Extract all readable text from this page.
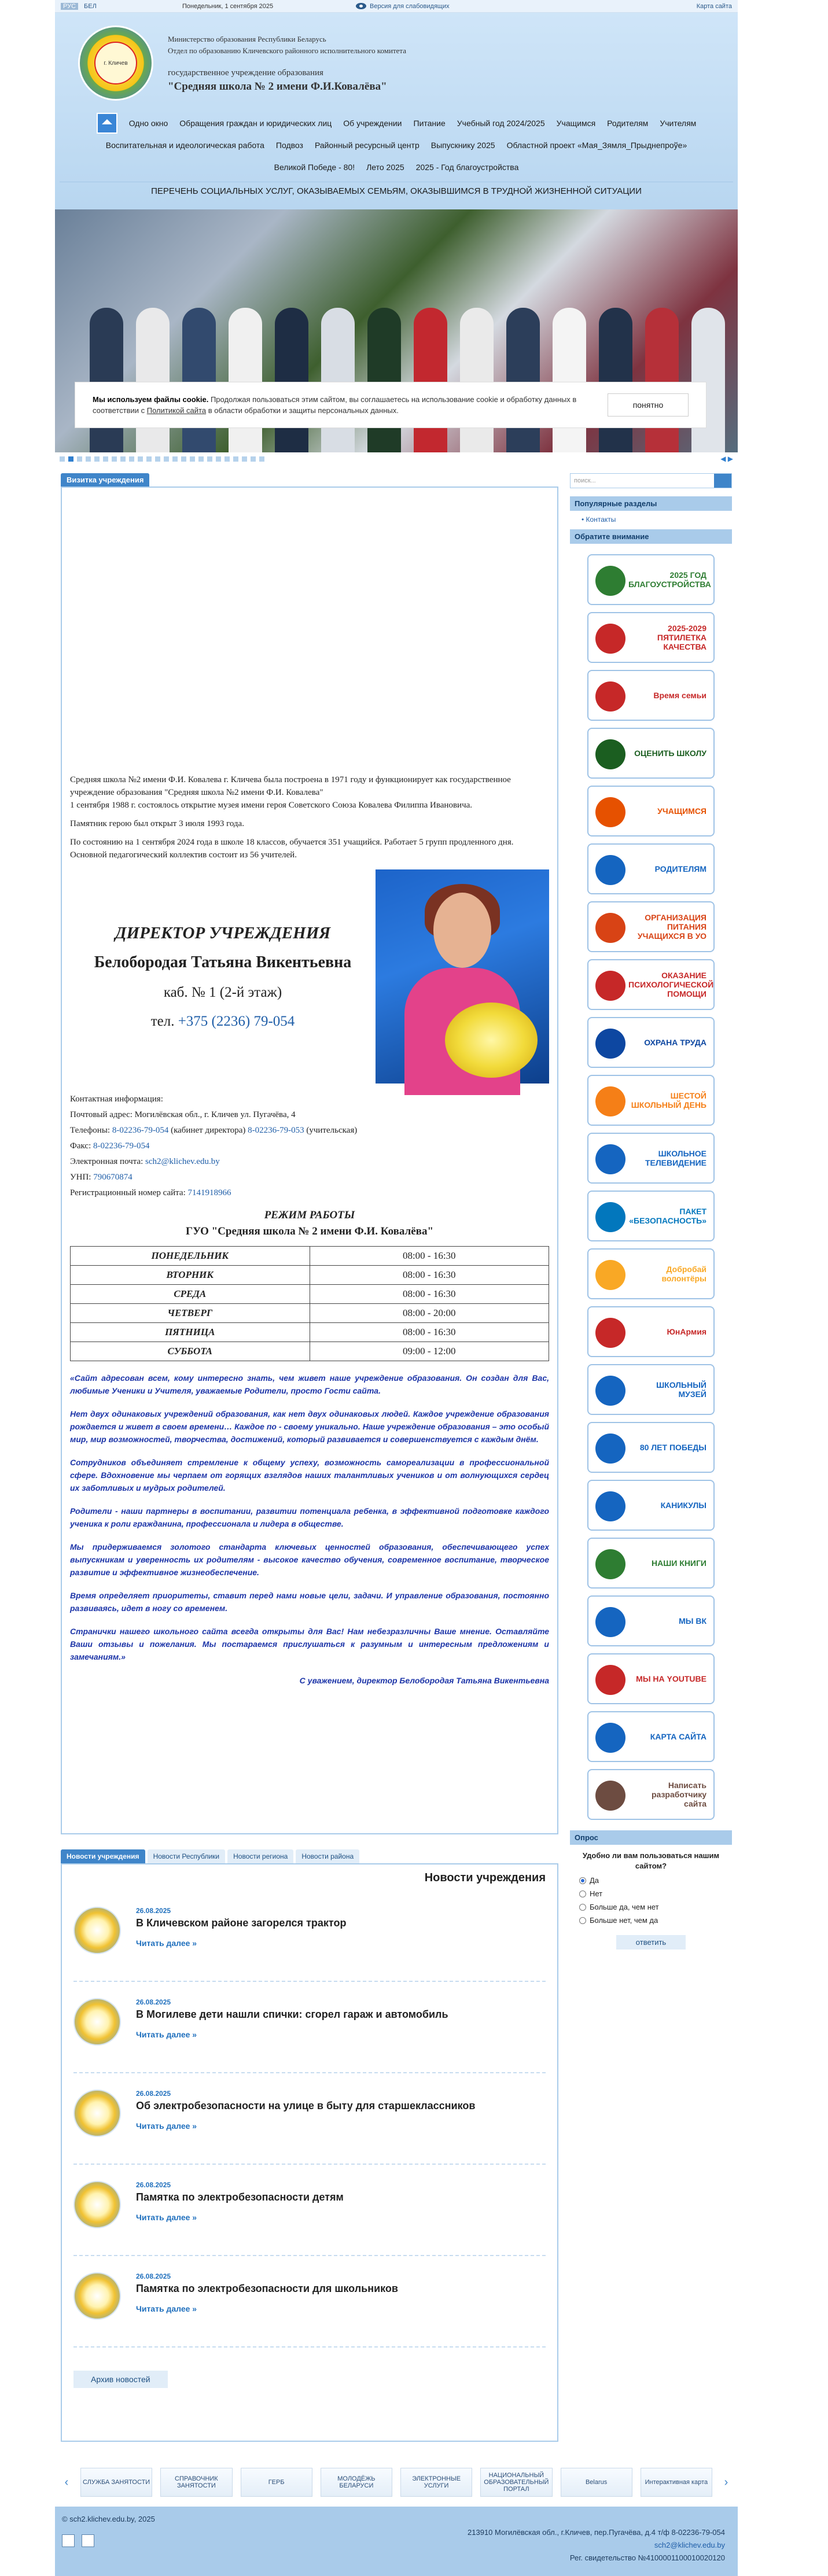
РУС	БЕЛ	Понедельник, 1 сентября 2025	Версия для слабовидящих	Карта сайта
г. Кличев
Министерство образования Республики Беларусь
Отдел по образованию Кличевского районного исполнительного комитета
государственное учреждение образования
"Средняя школа № 2 имени Ф.И.Ковалёва"
Одно окно Обращения граждан и юридических лиц Об учреждении Питание Учебный год 2024/2025 Учащимся Родителям Учителям
Воспитательная и идеологическая работа Подвоз Районный ресурсный центр Выпускнику 2025 Областной проект «Мая_Зямля_Прыднепроўе»
Великой Победе - 80! Лето 2025 2025 - Год благоустройства
ПЕРЕЧЕНЬ СОЦИАЛЬНЫХ УСЛУГ, ОКАЗЫВАЕМЫХ СЕМЬЯМ, ОКАЗЫВШИМСЯ В ТРУДНОЙ ЖИЗНЕННОЙ СИТУАЦИИ
Мы используем файлы cookie. Продолжая пользоваться этим сайтом, вы соглашаетесь на использование cookie и обработку данных в соответствии с Политикой сайта в области обработки и защиты персональных данных.
понятно
◀ ▶
Визитка учреждения
Средняя школа №2 имени Ф.И. Ковалева г. Кличева была построена в 1971 году и функционирует как государственное учреждение образования "Средняя школа №2 имени Ф.И. Ковалева"
1 сентября 1988 г. состоялось открытие музея имени героя Советского Союза Ковалева Филиппа Ивановича.
Памятник герою был открыт 3 июля 1993 года.
По состоянию на 1 сентября 2024 года в школе 18 классов, обучается 351 учащийся. Работает 5 групп продленного дня. Основной педагогический коллектив состоит из 56 учителей.
ДИРЕКТОР УЧРЕЖДЕНИЯ
Белобородая Татьяна Викентьевна
каб. № 1 (2-й этаж)
тел. +375 (2236) 79-054
Контактная информация:
Почтовый адрес: Могилёвская обл., г. Кличев ул. Пугачёва, 4
Телефоны: 8-02236-79-054 (кабинет директора) 8-02236-79-053 (учительская)
Факс: 8-02236-79-054
Электронная почта: sch2@klichev.edu.by
УНП: 790670874
Регистрационный номер сайта: 7141918966
РЕЖИМ РАБОТЫ
ГУО "Средняя школа № 2 имени Ф.И. Ковалёва"
ПОНЕДЕЛЬНИК	08:00 - 16:30
ВТОРНИК	08:00 - 16:30
СРЕДА	08:00 - 16:30
ЧЕТВЕРГ	08:00 - 20:00
ПЯТНИЦА	08:00 - 16:30
СУББОТА	09:00 - 12:00
«Сайт адресован всем, кому интересно знать, чем живет наше учреждение образования. Он создан для Вас, любимые Ученики и Учителя, уважаемые Родители, просто Гости сайта.
Нет двух одинаковых учреждений образования, как нет двух одинаковых людей. Каждое учреждение образования рождается и живет в своем времени… Каждое по - своему уникально. Наше учреждение образования – это особый мир, мир возможностей, творчества, достижений, который развивается и совершенствуется с каждым днём.
Сотрудников объединяет стремление к общему успеху, возможность самореализации в профессиональной сфере. Вдохновение мы черпаем от горящих взглядов наших талантливых учеников и от волнующихся сердец их заботливых и мудрых родителей.
Родители - наши партнеры в воспитании, развитии потенциала ребенка, в эффективной подготовке каждого ученика к роли гражданина, профессионала и лидера в обществе.
Мы придерживаемся золотого стандарта ключевых ценностей образования, обеспечивающего успех выпускникам и уверенность их родителям - высокое качество обучения, современное воспитание, творческое развитие и эффективное жизнеобеспечение.
Время определяет приоритеты, ставит перед нами новые цели, задачи. И управление образования, постоянно развиваясь, идет в ногу со временем.
Странички нашего школьного сайта всегда открыты для Вас! Нам небезразличны Ваше мнение. Оставляйте Ваши отзывы и пожелания. Мы постараемся прислушаться к разумным и интересным предложениям и замечаниям.»
С уважением, директор Белобородая Татьяна Викентьевна
Новости учреждения	Новости Республики	Новости региона	Новости района
Новости учреждения
26.08.2025
В Кличевском районе загорелся трактор
Читать далее »
26.08.2025
В Могилеве дети нашли спички: сгорел гараж и автомобиль
Читать далее »
26.08.2025
Об электробезопасности на улице в быту для старшеклассников
Читать далее »
26.08.2025
Памятка по электробезопасности детям
Читать далее »
26.08.2025
Памятка по электробезопасности для школьников
Читать далее »
Архив новостей
поиск...
Популярные разделы
• Контакты
Обратите внимание
2025 ГОД БЛАГОУСТРОЙСТВА
2025-2029 ПЯТИЛЕТКА КАЧЕСТВА
Время семьи
ОЦЕНИТЬ ШКОЛУ
УЧАЩИМСЯ
РОДИТЕЛЯМ
ОРГАНИЗАЦИЯ ПИТАНИЯ УЧАЩИХСЯ В УО
ОКАЗАНИЕ ПСИХОЛОГИЧЕСКОЙ ПОМОЩИ
ОХРАНА ТРУДА
ШЕСТОЙ ШКОЛЬНЫЙ ДЕНЬ
ШКОЛЬНОЕ ТЕЛЕВИДЕНИЕ
ПАКЕТ «БЕЗОПАСНОСТЬ»
Добробай волонтёры
ЮнАрмия
ШКОЛЬНЫЙ МУЗЕЙ
80 ЛЕТ ПОБЕДЫ
КАНИКУЛЫ
НАШИ КНИГИ
МЫ ВК
МЫ НА YOUTUBE
КАРТА САЙТА
Написать разработчику сайта
Опрос
Удобно ли вам пользоваться нашим сайтом?
Да
Нет
Больше да, чем нет
Больше нет, чем да
ответить
‹	СЛУЖБА ЗАНЯТОСТИ	СПРАВОЧНИК ЗАНЯТОСТИ	ГЕРБ	МОЛОДЁЖЬ БЕЛАРУСИ
ЭЛЕКТРОННЫЕ УСЛУГИ
НАЦИОНАЛЬНЫЙ ОБРАЗОВАТЕЛЬНЫЙ ПОРТАЛ
Belarus	Интерактивная карта	›
© sch2.klichev.edu.by, 2025
213910 Могилёвская обл., г.Кличев, пер.Пугачёва, д.4 т/ф 8-02236-79-054
sch2@klichev.edu.by
Рег. свидетельство №4100001100010020120
